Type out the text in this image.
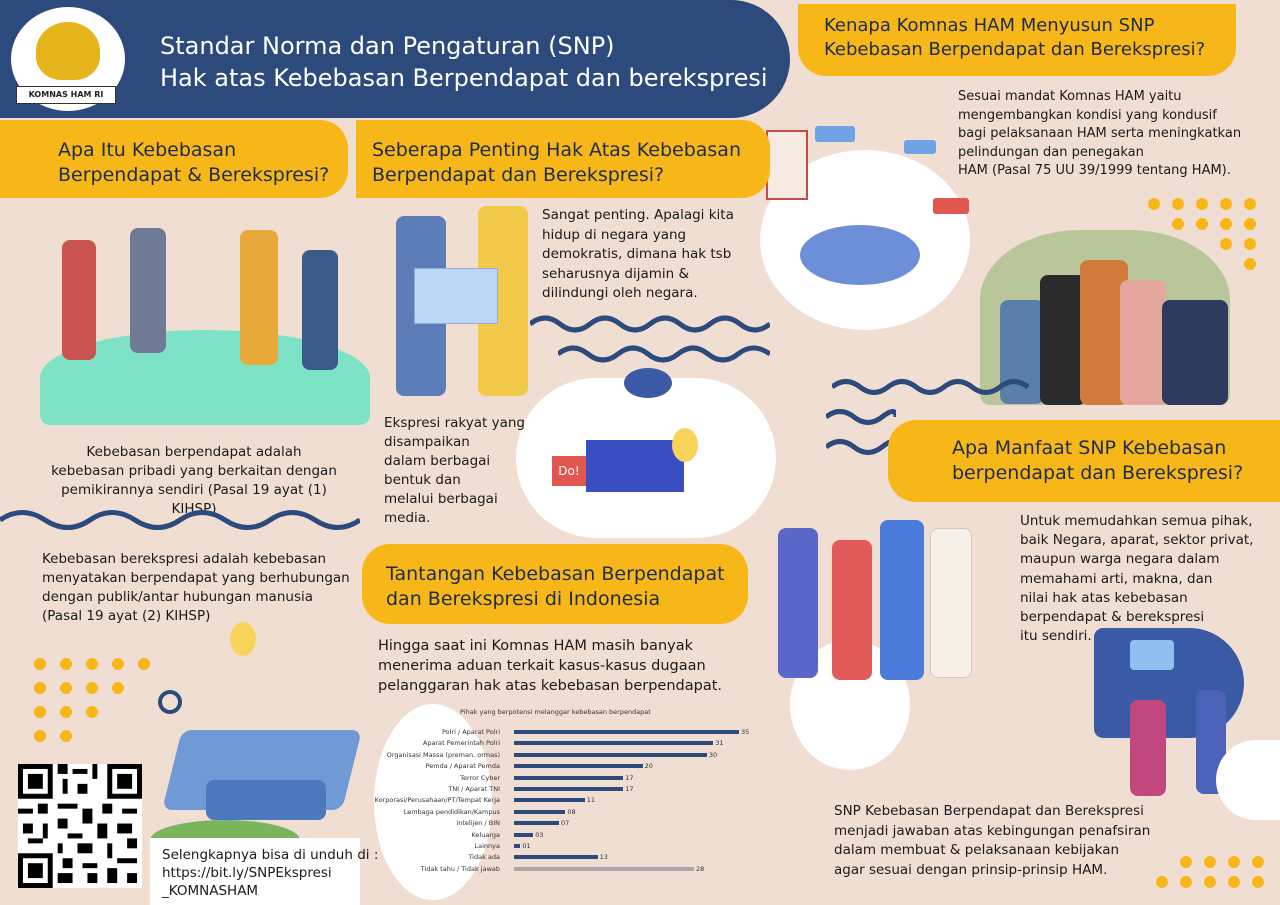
KOMNAS HAM RI
Standar Norma dan Pengaturan (SNP)
Hak atas Kebebasan Berpendapat dan berekspresi
Kenapa Komnas HAM Menyusun SNP
Kebebasan Berpendapat dan Berekspresi?
Sesuai mandat Komnas HAM yaitu
mengembangkan kondisi yang kondusif
bagi pelaksanaan HAM serta meningkatkan
pelindungan dan penegakan
HAM (Pasal 75 UU 39/1999 tentang HAM).
Apa Itu Kebebasan
Berpendapat & Berekspresi?
Kebebasan berpendapat adalah
kebebasan pribadi yang berkaitan dengan
pemikirannya sendiri (Pasal 19 ayat (1) KIHSP)
Kebebasan berekspresi adalah kebebasan
menyatakan berpendapat yang berhubungan
dengan publik/antar hubungan manusia
(Pasal 19 ayat (2) KIHSP)
Selengkapnya bisa di unduh di :
https://bit.ly/SNPEkspresi
_KOMNASHAM
Seberapa Penting Hak Atas Kebebasan
Berpendapat dan Berekspresi?
Sangat penting. Apalagi kita
hidup di negara yang
demokratis, dimana hak tsb
seharusnya dijamin &
dilindungi oleh negara.
Do!
Ekspresi rakyat yang
disampaikan
dalam berbagai
bentuk dan
melalui berbagai
media.
Tantangan Kebebasan Berpendapat
dan Berekspresi di Indonesia
Hingga saat ini Komnas HAM masih banyak
menerima aduan terkait kasus-kasus dugaan
pelanggaran hak atas kebebasan berpendapat.
Pihak yang berpotensi melanggar kebebasan berpendapat
Polri / Aparat Polri	35
Aparat Pemerintah Polri	31
Organisasi Massa (preman, ormas)	30
Pemda / Aparat Pemda	20
Terror Cyber	17
TNI / Aparat TNI	17
Korporasi/Perusahaan/PT/Tempat Kerja	11
Lembaga pendidikan/Kampus	08
intelijen / BIN	07
Keluarga	03
Lainnya	01
Tidak ada	13
Tidak tahu / Tidak jawab	28
Apa Manfaat SNP Kebebasan
berpendapat dan Berekspresi?
Untuk memudahkan semua pihak,
baik Negara, aparat, sektor privat,
maupun warga negara dalam
memahami arti, makna, dan
nilai hak atas kebebasan
berpendapat & berekspresi
itu sendiri.
SNP Kebebasan Berpendapat dan Berekspresi
menjadi jawaban atas kebingungan penafsiran
dalam membuat & pelaksanaan kebijakan
agar sesuai dengan prinsip-prinsip HAM.
